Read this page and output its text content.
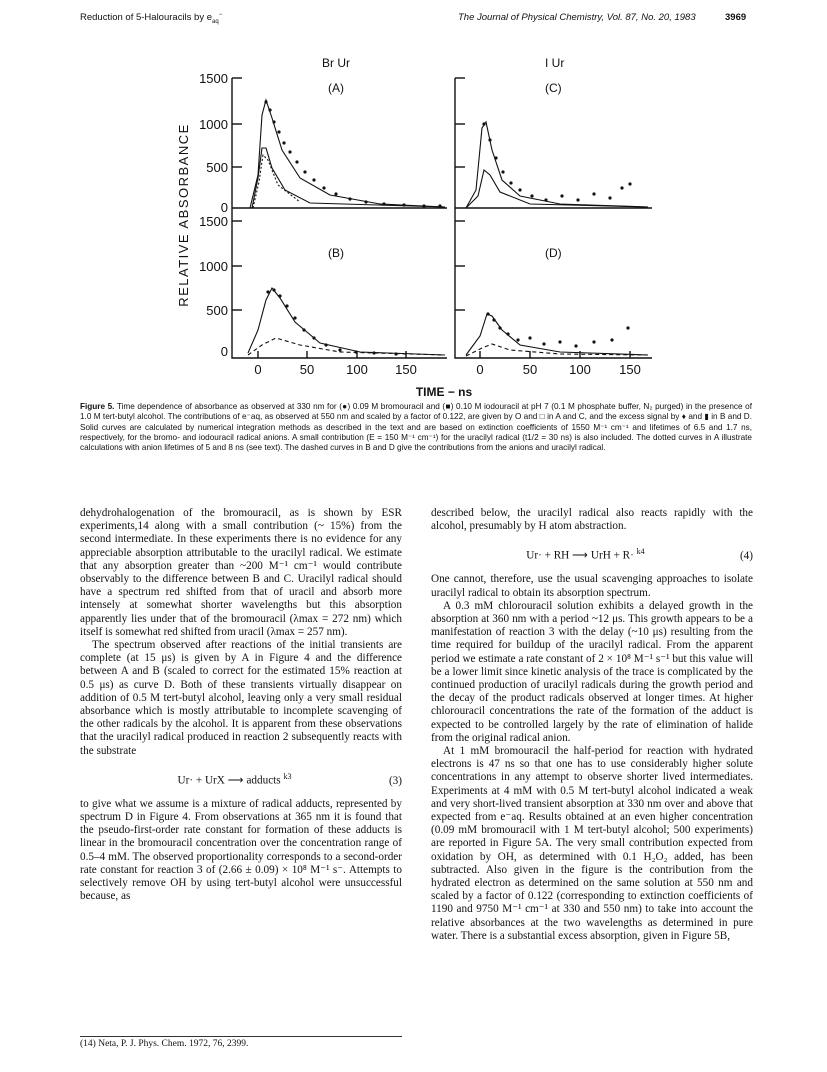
Reduction of 5-Halouracils by $e_{aq}^-$	The Journal of Physical Chemistry, Vol. 87, No. 20, 1983	3969
Br Ur	I Ur
(A)
(B)
(C)
(D)
1500
1000
500
0
1500
1000
500
0
0	50 100 150	0	50 100 150
TIME − ns
RELATIVE ABSORBANCE
Figure 5. Time dependence of absorbance as observed at 330 nm for (●) 0.09 M bromouracil and (■) 0.10 M iodouracil at pH 7 (0.1 M phosphate buffer, N₂ purged) in the presence of 1.0 M tert-butyl alcohol. The contributions of e⁻aq, as observed at 550 nm and scaled by a factor of 0.122, are given by O and □ in A and C, and the excess signal by ♦ and ▮ in B and D. Solid curves are calculated by numerical integration methods as described in the text and are based on extinction coefficients of 1550 M⁻¹ cm⁻¹ and lifetimes of 6.5 and 1.7 ns, respectively, for the bromo- and iodouracil radical anions. A small contribution (E = 150 M⁻¹ cm⁻¹) for the uracilyl radical (t1/2 = 30 ns) is also included. The dotted curves in A illustrate calculations with anion lifetimes of 5 and 8 ns (see text). The dashed curves in B and D give the contributions from the anions and uracilyl radical.

dehydrohalogenation of the bromouracil, as is shown by ESR experiments,14 along with a small contribution (~ 15%) from the second intermediate. In these experiments there is no evidence for any appreciable absorption attributable to the uracilyl radical. We estimate that any absorption greater than ~200 M⁻¹ cm⁻¹ would contribute observably to the difference between B and C. Uracilyl radical should have a spectrum red shifted from that of uracil and absorb more intensely at somewhat shorter wavelengths but this absorption apparently lies under that of the bromouracil (λmax = 272 nm) which itself is somewhat red shifted from uracil (λmax = 257 nm).

The spectrum observed after reactions of the initial transients are complete (at 15 μs) is given by A in Figure 4 and the difference between A and B (scaled to correct for the estimated 15% reaction at 0.5 μs) as curve D. Both of these transients virtually disappear on addition of 0.5 M tert-butyl alcohol, leaving only a very small residual absorbance which is mostly attributable to incomplete scavenging of the other radicals by the alcohol. It is apparent from these observations that the uracilyl radical produced in reaction 2 subsequently reacts with the substrate

Ur· + UrX ⟶ adducts $^{k3}$	(3)

to give what we assume is a mixture of radical adducts, represented by spectrum D in Figure 4. From observations at 365 nm it is found that the pseudo-first-order rate constant for formation of these adducts is linear in the bromouracil concentration over the concentration range of 0.5–4 mM. The observed proportionality corresponds to a second-order rate constant for reaction 3 of (2.66 ± 0.09) × 10⁸ M⁻¹ s⁻. Attempts to selectively remove OH by using tert-butyl alcohol were unsuccessful because, as

(14) Neta, P. J. Phys. Chem. 1972, 76, 2399.

described below, the uracilyl radical also reacts rapidly with the alcohol, presumably by H atom abstraction.

Ur· + RH ⟶ UrH + R· $^{k4}$	(4)

One cannot, therefore, use the usual scavenging approaches to isolate uracilyl radical to obtain its absorption spectrum.

A 0.3 mM chlorouracil solution exhibits a delayed growth in the absorption at 360 nm with a period ~12 μs. This growth appears to be a manifestation of reaction 3 with the delay (~10 μs) resulting from the time required for buildup of the uracilyl radical. From the apparent period we estimate a rate constant of 2 × 10⁸ M⁻¹ s⁻¹ but this value will be a lower limit since kinetic analysis of the trace is complicated by the continued production of uracilyl radicals during the growth period and the decay of the product radicals observed at longer times. At higher chlorouracil concentrations the rate of the formation of the adduct is expected to be controlled largely by the rate of elimination of halide from the original radical anion.

At 1 mM bromouracil the half-period for reaction with hydrated electrons is 47 ns so that one has to use considerably higher solute concentrations in any attempt to observe shorter lived intermediates. Experiments at 4 mM with 0.5 M tert-butyl alcohol indicated a weak and very short-lived transient absorption at 330 nm over and above that expected from e⁻aq. Results obtained at an even higher concentration (0.09 mM bromouracil with 1 M tert-butyl alcohol; 500 experiments) are reported in Figure 5A. The very small contribution expected from oxidation by OH, as determined with 0.1 H₂O₂ added, has been subtracted. Also given in the figure is the contribution from the hydrated electron as determined on the same solution at 550 nm and scaled by a factor of 0.122 (corresponding to extinction coefficients of 1190 and 9750 M⁻¹ cm⁻¹ at 330 and 550 nm) to take into account the relative absorbances at the two wavelengths as determined in pure water. There is a substantial excess absorption, given in Figure 5B,
